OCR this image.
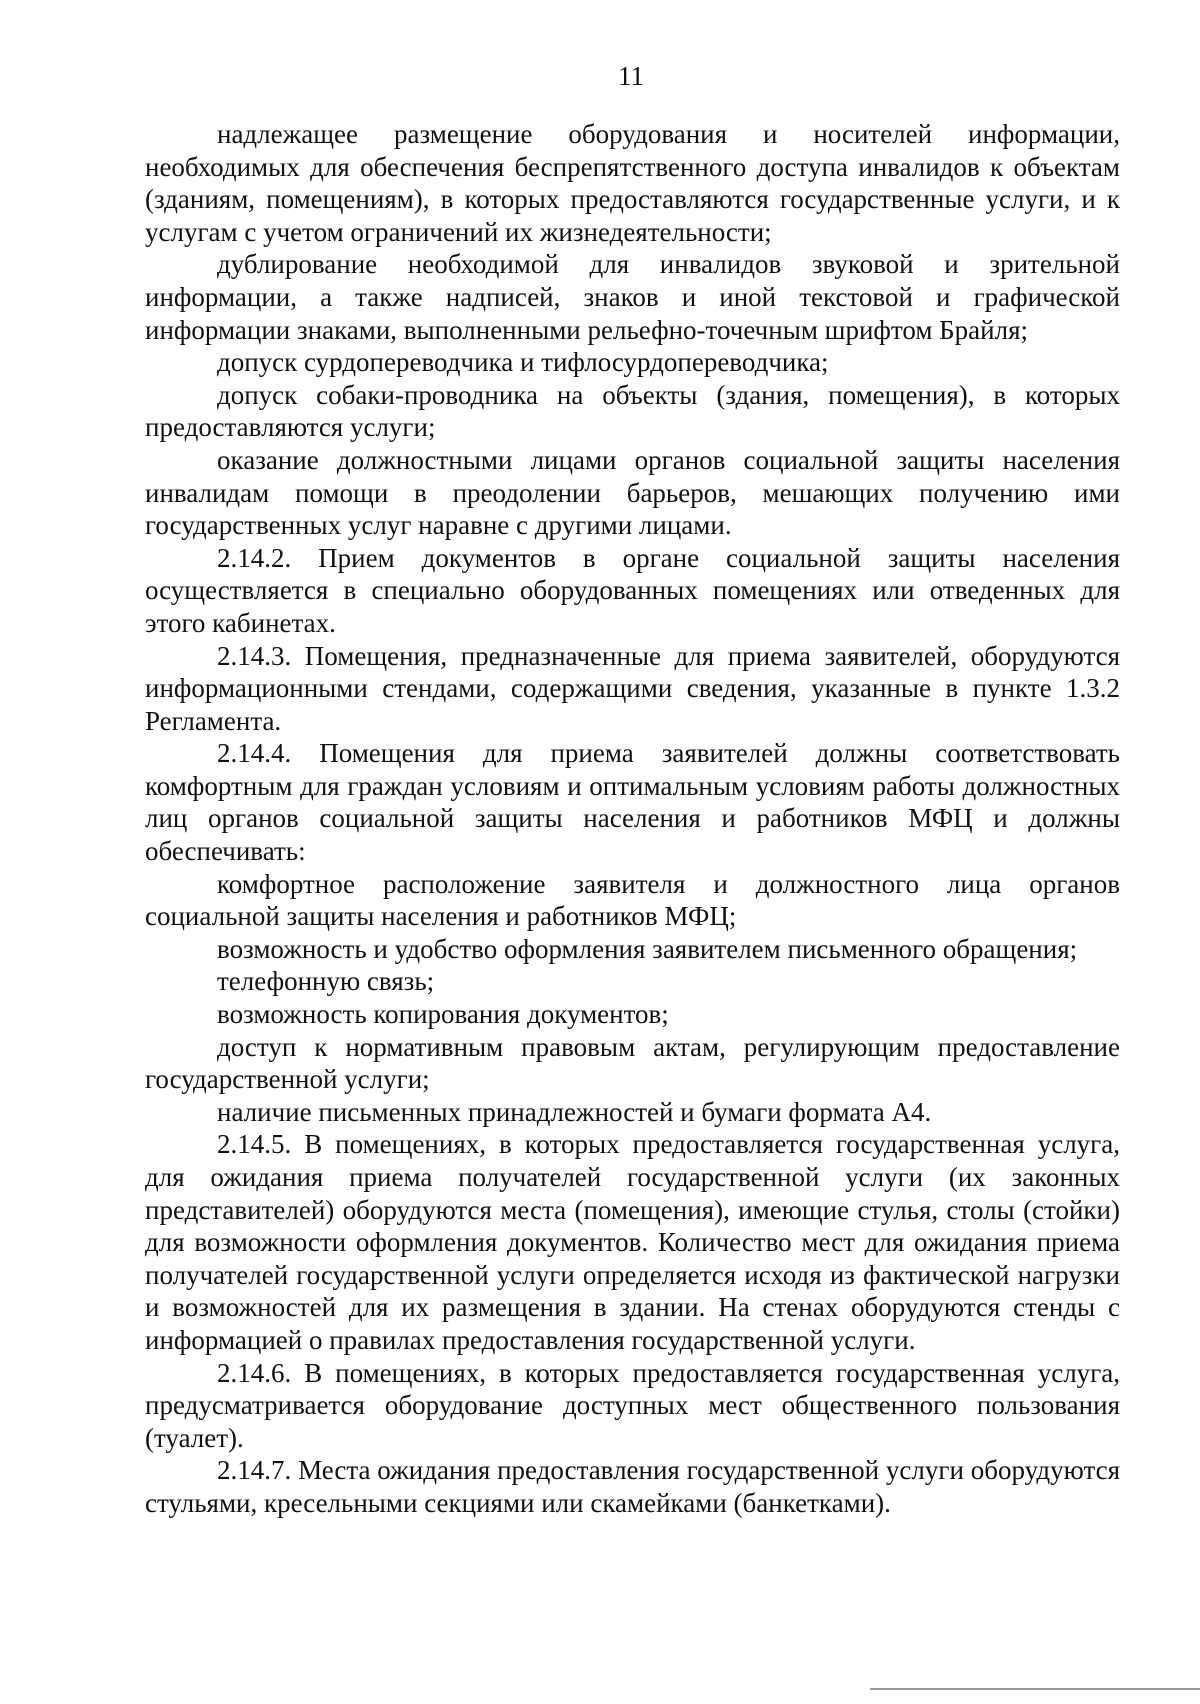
11

надлежащее размещение оборудования и носителей информации, необходимых для обеспечения беспрепятственного доступа инвалидов к объектам (зданиям, помещениям), в которых предоставляются государственные услуги, и к услугам с учетом ограничений их жизнедеятельности;

дублирование необходимой для инвалидов звуковой и зрительной информации, а также надписей, знаков и иной текстовой и графической информации знаками, выполненными рельефно-точечным шрифтом Брайля;

допуск сурдопереводчика и тифлосурдопереводчика;

допуск собаки-проводника на объекты (здания, помещения), в которых предоставляются услуги;

оказание должностными лицами органов социальной защиты населения инвалидам помощи в преодолении барьеров, мешающих получению ими государственных услуг наравне с другими лицами.

2.14.2. Прием документов в органе социальной защиты населения осуществляется в специально оборудованных помещениях или отведенных для этого кабинетах.

2.14.3. Помещения, предназначенные для приема заявителей, оборудуются информационными стендами, содержащими сведения, указанные в пункте 1.3.2 Регламента.

2.14.4. Помещения для приема заявителей должны соответствовать комфортным для граждан условиям и оптимальным условиям работы должностных лиц органов социальной защиты населения и работников МФЦ и должны обеспечивать:

комфортное расположение заявителя и должностного лица органов социальной защиты населения и работников МФЦ;

возможность и удобство оформления заявителем письменного обращения;

телефонную связь;

возможность копирования документов;

доступ к нормативным правовым актам, регулирующим предоставление государственной услуги;

наличие письменных принадлежностей и бумаги формата А4.

2.14.5. В помещениях, в которых предоставляется государственная услуга, для ожидания приема получателей государственной услуги (их законных представителей) оборудуются места (помещения), имеющие стулья, столы (стойки) для возможности оформления документов. Количество мест для ожидания приема получателей государственной услуги определяется исходя из фактической нагрузки и возможностей для их размещения в здании. На стенах оборудуются стенды с информацией о правилах предоставления государственной услуги.

2.14.6. В помещениях, в которых предоставляется государственная услуга, предусматривается оборудование доступных мест общественного пользования (туалет).

2.14.7. Места ожидания предоставления государственной услуги оборудуются стульями, кресельными секциями или скамейками (банкетками).
